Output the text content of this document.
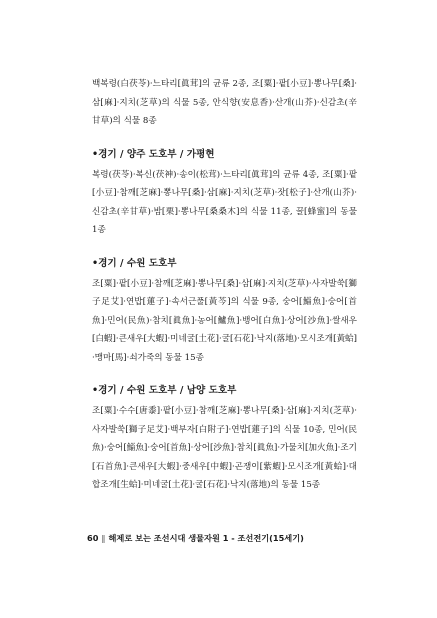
백복령(白茯苓)·느타리[眞茸]의 균류 2종, 조[粟]·팥[小豆]·뽕나무[桑]·삼[麻]·지치(芝草)의 식물 5종, 안식향(安息香)·산개(山芥)·신감초(辛甘草)의 식물 8종

•경기 / 양주 도호부 / 가평현

복령(茯苓)·복신(茯神)·송이(松茸)·느타리[眞茸]의 균류 4종, 조[粟]·팥[小豆]·참깨[芝麻]·뽕나무[桑]·삼[麻]·지치(芝草)·잣[松子]·산개(山芥)·신감초(辛甘草)·밤[栗]·뽕나무[桑桑木]의 식물 11종, 꿀[蜂蜜]의 동물 1종

•경기 / 수원 도호부

조[粟]·팥[小豆]·참깨[芝麻]·뽕나무[桑]·삼[麻]·지치(芝草)·사자발쑥[獅子足艾]·연밥[蓮子]·속서근풀[黃芩]의 식물 9종, 숭어[鯔魚]·숭어[首魚]·민어(民魚)·참치[眞魚]·농어[鱸魚]·뱅어[白魚]·상어[沙魚]·쌀새우[白蝦]·큰새우[大蝦]·미네굴[土花]·굴[石花]·낙지(落地)·모시조개[黃蛤]·맹마[馬]·쇠가죽의 동물 15종

•경기 / 수원 도호부 / 남양 도호부

조[粟]·수수[唐黍]·팥[小豆]·참깨[芝麻]·뽕나무[桑]·삼[麻]·지치(芝草)·사자발쑥[獅子足艾]·백부자[白附子]·연밥[蓮子]의 식물 10종, 민어(民魚)·숭어[鯔魚]·숭어[首魚]·상어[沙魚]·참치[眞魚]·가물치[加火魚]·조기[石首魚]·큰새우[大蝦]·중새우[中蝦]·곤쟁이[紫蝦]·모시조개[黃蛤]·대합조개[生蛤]·미네굴[土花]·굴[石花]·낙지(落地)의 동물 15종

60 ‖ 해제로 보는 조선시대 생물자원 1 - 조선전기(15세기)
